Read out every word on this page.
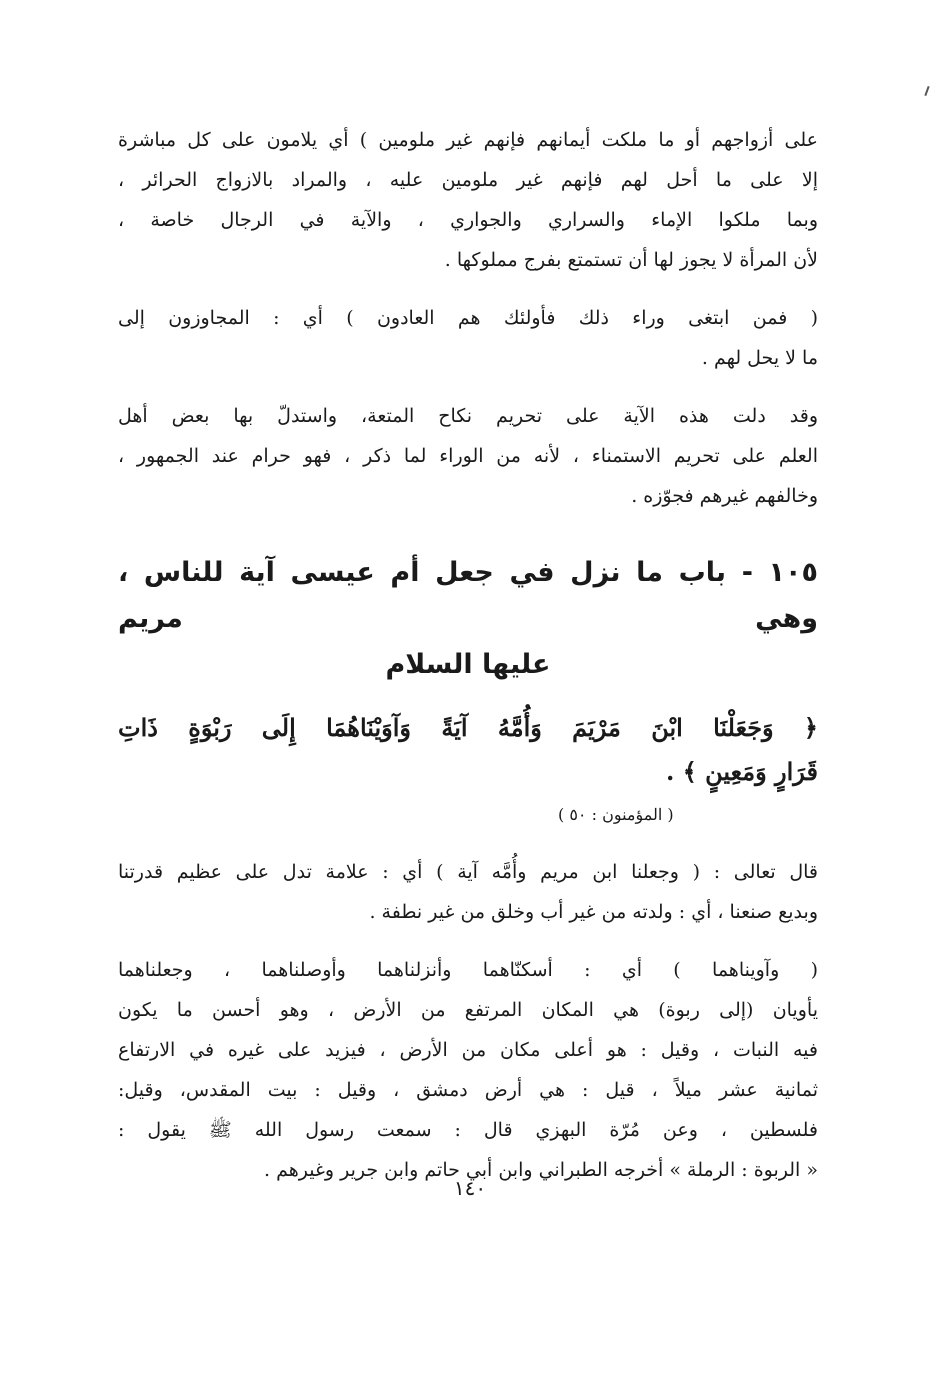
على أزواجهم أو ما ملكت أيمانهم فإنهم غير ملومين ) أي يلامون على كل مباشرة
إلا على ما أحل لهم فإنهم غير ملومين عليه ، والمراد بالازواج الحرائر ،
وبما ملكوا الإماء والسراري والجواري ، والآية في الرجال خاصة ،
لأن المرأة لا يجوز لها أن تستمتع بفرج مملوكها .
( فمن ابتغى وراء ذلك فأولئك هم العادون ) أي : المجاوزون إلى
ما لا يحل لهم .
وقد دلت هذه الآية على تحريم نكاح المتعة، واستدلّ بها بعض أهل
العلم على تحريم الاستمناء ، لأنه من الوراء لما ذكر ، فهو حرام عند الجمهور ،
وخالفهم غيرهم فجوّزه .
١٠٥ - باب ما نزل في جعل أم عيسى آية للناس ، وهي مريم
عليها السلام
﴿ وَجَعَلْنَا ابْنَ مَرْيَمَ وَأُمَّهُ آيَةً وَآوَيْنَاهُمَا إِلَى رَبْوَةٍ ذَاتِ
قَرَارٍ وَمَعِينٍ ﴾ .
( المؤمنون : ٥٠ )
قال تعالى : ( وجعلنا ابن مريم وأُمَّه آية ) أي : علامة تدل على عظيم قدرتنا
وبديع صنعنا ، أي : ولدته من غير أب وخلق من غير نطفة .
( وآويناهما ) أي : أسكنّاهما وأنزلناهما وأوصلناهما ، وجعلناهما
يأويان (إلى ربوة) هي المكان المرتفع من الأرض ، وهو أحسن ما يكون
فيه النبات ، وقيل : هو أعلى مكان من الأرض ، فيزيد على غيره في الارتفاع
ثمانية عشر ميلاً ، قيل : هي أرض دمشق ، وقيل : بيت المقدس، وقيل:
فلسطين ، وعن مُرّة البهزي قال : سمعت رسول الله ﷺ يقول :
« الربوة : الرملة » أخرجه الطبراني وابن أبي حاتم وابن جرير وغيرهم .
١٤٠
